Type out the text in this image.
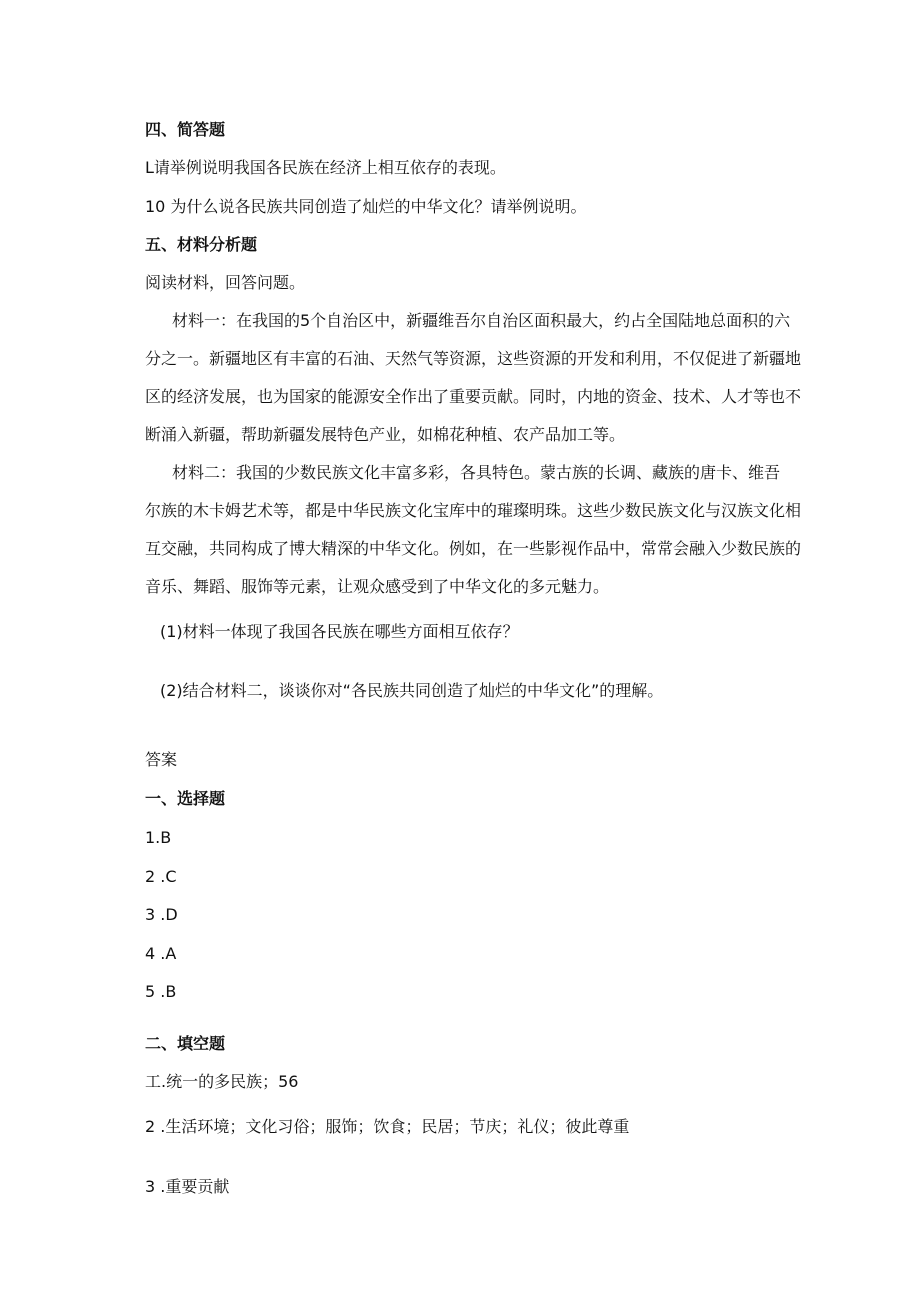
四、简答题
L请举例说明我国各民族在经济上相互依存的表现。
10 为什么说各民族共同创造了灿烂的中华文化？请举例说明。
五、材料分析题
阅读材料，回答问题。
材料一：在我国的5个自治区中，新疆维吾尔自治区面积最大，约占全国陆地总面积的六
分之一。新疆地区有丰富的石油、天然气等资源，这些资源的开发和利用，不仅促进了新疆地
区的经济发展，也为国家的能源安全作出了重要贡献。同时，内地的资金、技术、人才等也不
断涌入新疆，帮助新疆发展特色产业，如棉花种植、农产品加工等。
材料二：我国的少数民族文化丰富多彩，各具特色。蒙古族的长调、藏族的唐卡、维吾
尔族的木卡姆艺术等，都是中华民族文化宝库中的璀璨明珠。这些少数民族文化与汉族文化相
互交融，共同构成了博大精深的中华文化。例如，在一些影视作品中，常常会融入少数民族的
音乐、舞蹈、服饰等元素，让观众感受到了中华文化的多元魅力。
(1)材料一体现了我国各民族在哪些方面相互依存？
(2)结合材料二，谈谈你对“各民族共同创造了灿烂的中华文化”的理解。
答案
一、选择题
1.B
2 .C
3 .D
4 .A
5 .B
二、填空题
工.统一的多民族；56
2 .生活环境；文化习俗；服饰；饮食；民居；节庆；礼仪；彼此尊重
3 .重要贡献
